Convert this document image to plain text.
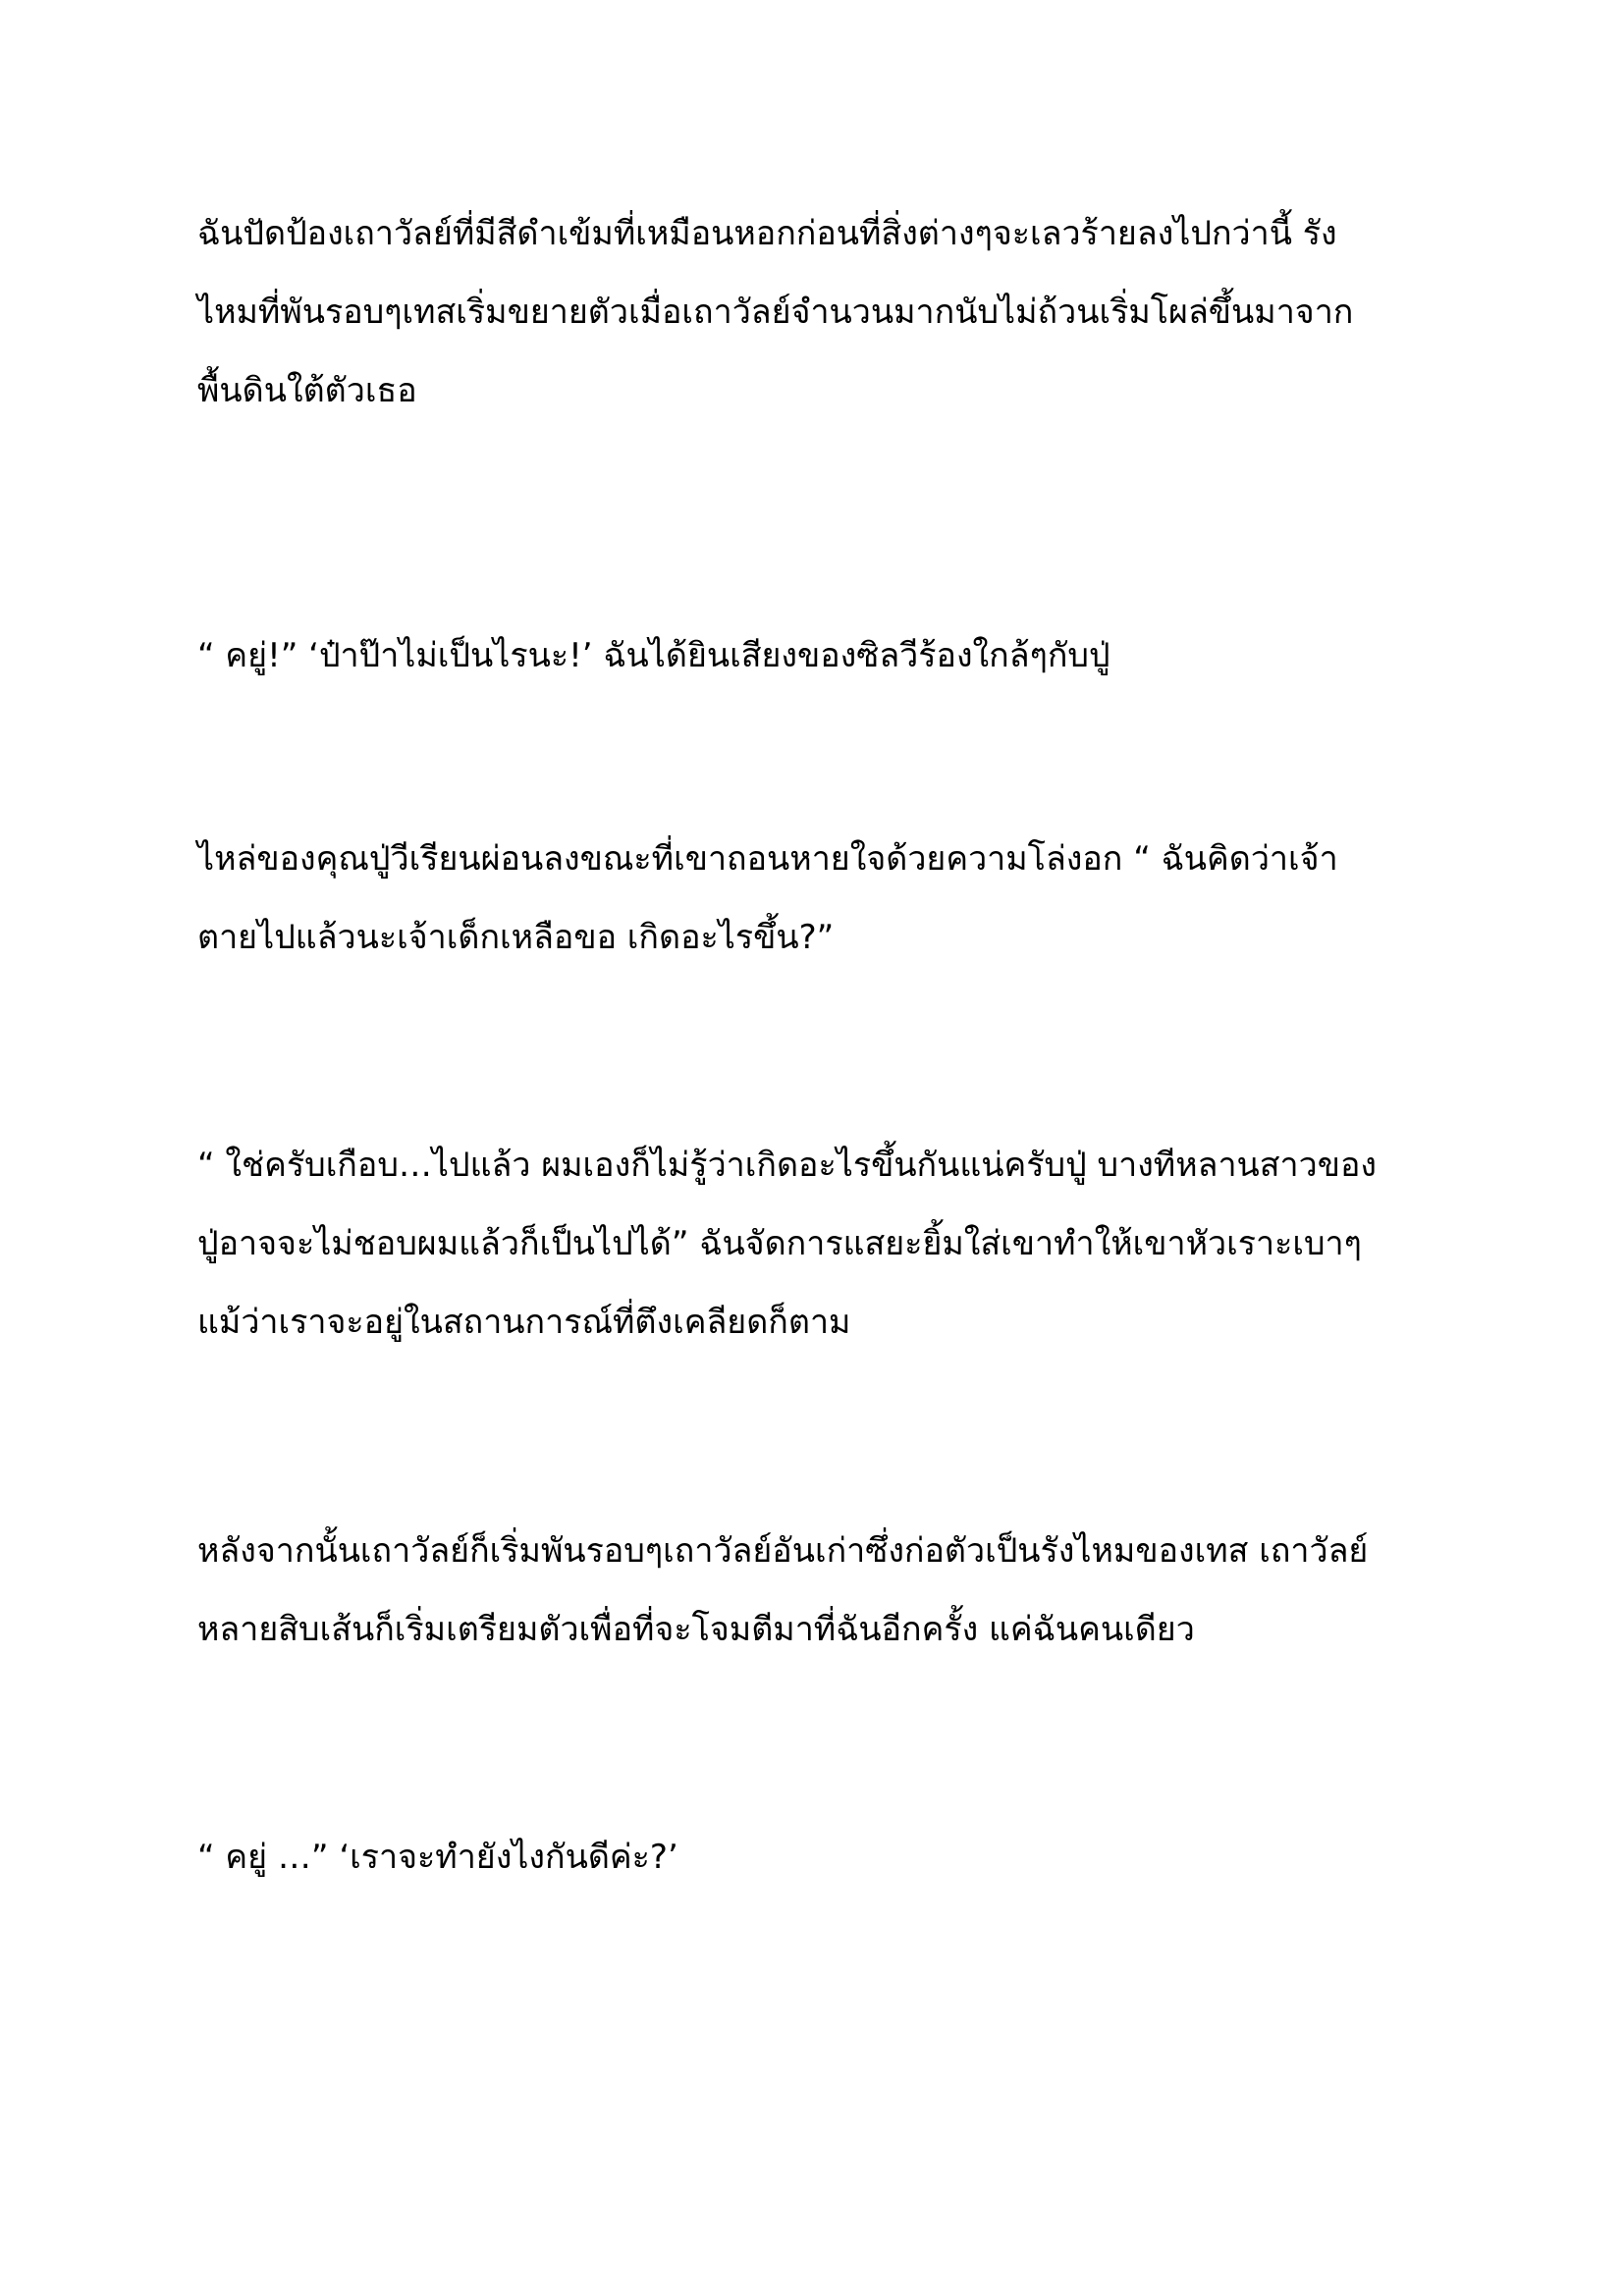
ฉันปัดป้องเถาวัลย์ที่มีสีดำเข้มที่เหมือนหอกก่อนที่สิ่งต่างๆจะเลวร้ายลงไปกว่านี้ รัง
ไหมที่พันรอบๆเทสเริ่มขยายตัวเมื่อเถาวัลย์จำนวนมากนับไม่ถ้วนเริ่มโผล่ขึ้นมาจาก
พื้นดินใต้ตัวเธอ

“ คยู่!” ‘ป๋าป๊าไม่เป็นไรนะ!’ ฉันได้ยินเสียงของซิลวีร้องใกล้ๆกับปู่

ไหล่ของคุณปู่วีเรียนผ่อนลงขณะที่เขาถอนหายใจด้วยความโล่งอก “ ฉันคิดว่าเจ้า
ตายไปแล้วนะเจ้าเด็กเหลือขอ เกิดอะไรขึ้น?”

“ ใช่ครับเกือบ…ไปแล้ว ผมเองก็ไม่รู้ว่าเกิดอะไรขึ้นกันแน่ครับปู่ บางทีหลานสาวของ
ปู่อาจจะไม่ชอบผมแล้วก็เป็นไปได้” ฉันจัดการแสยะยิ้มใส่เขาทำให้เขาหัวเราะเบาๆ
แม้ว่าเราจะอยู่ในสถานการณ์ที่ตึงเคลียดก็ตาม

หลังจากนั้นเถาวัลย์ก็เริ่มพันรอบๆเถาวัลย์อันเก่าซึ่งก่อตัวเป็นรังไหมของเทส เถาวัลย์
หลายสิบเส้นก็เริ่มเตรียมตัวเพื่อที่จะโจมตีมาที่ฉันอีกครั้ง แค่ฉันคนเดียว

“ คยู่ …” ‘เราจะทำยังไงกันดีค่ะ?’
